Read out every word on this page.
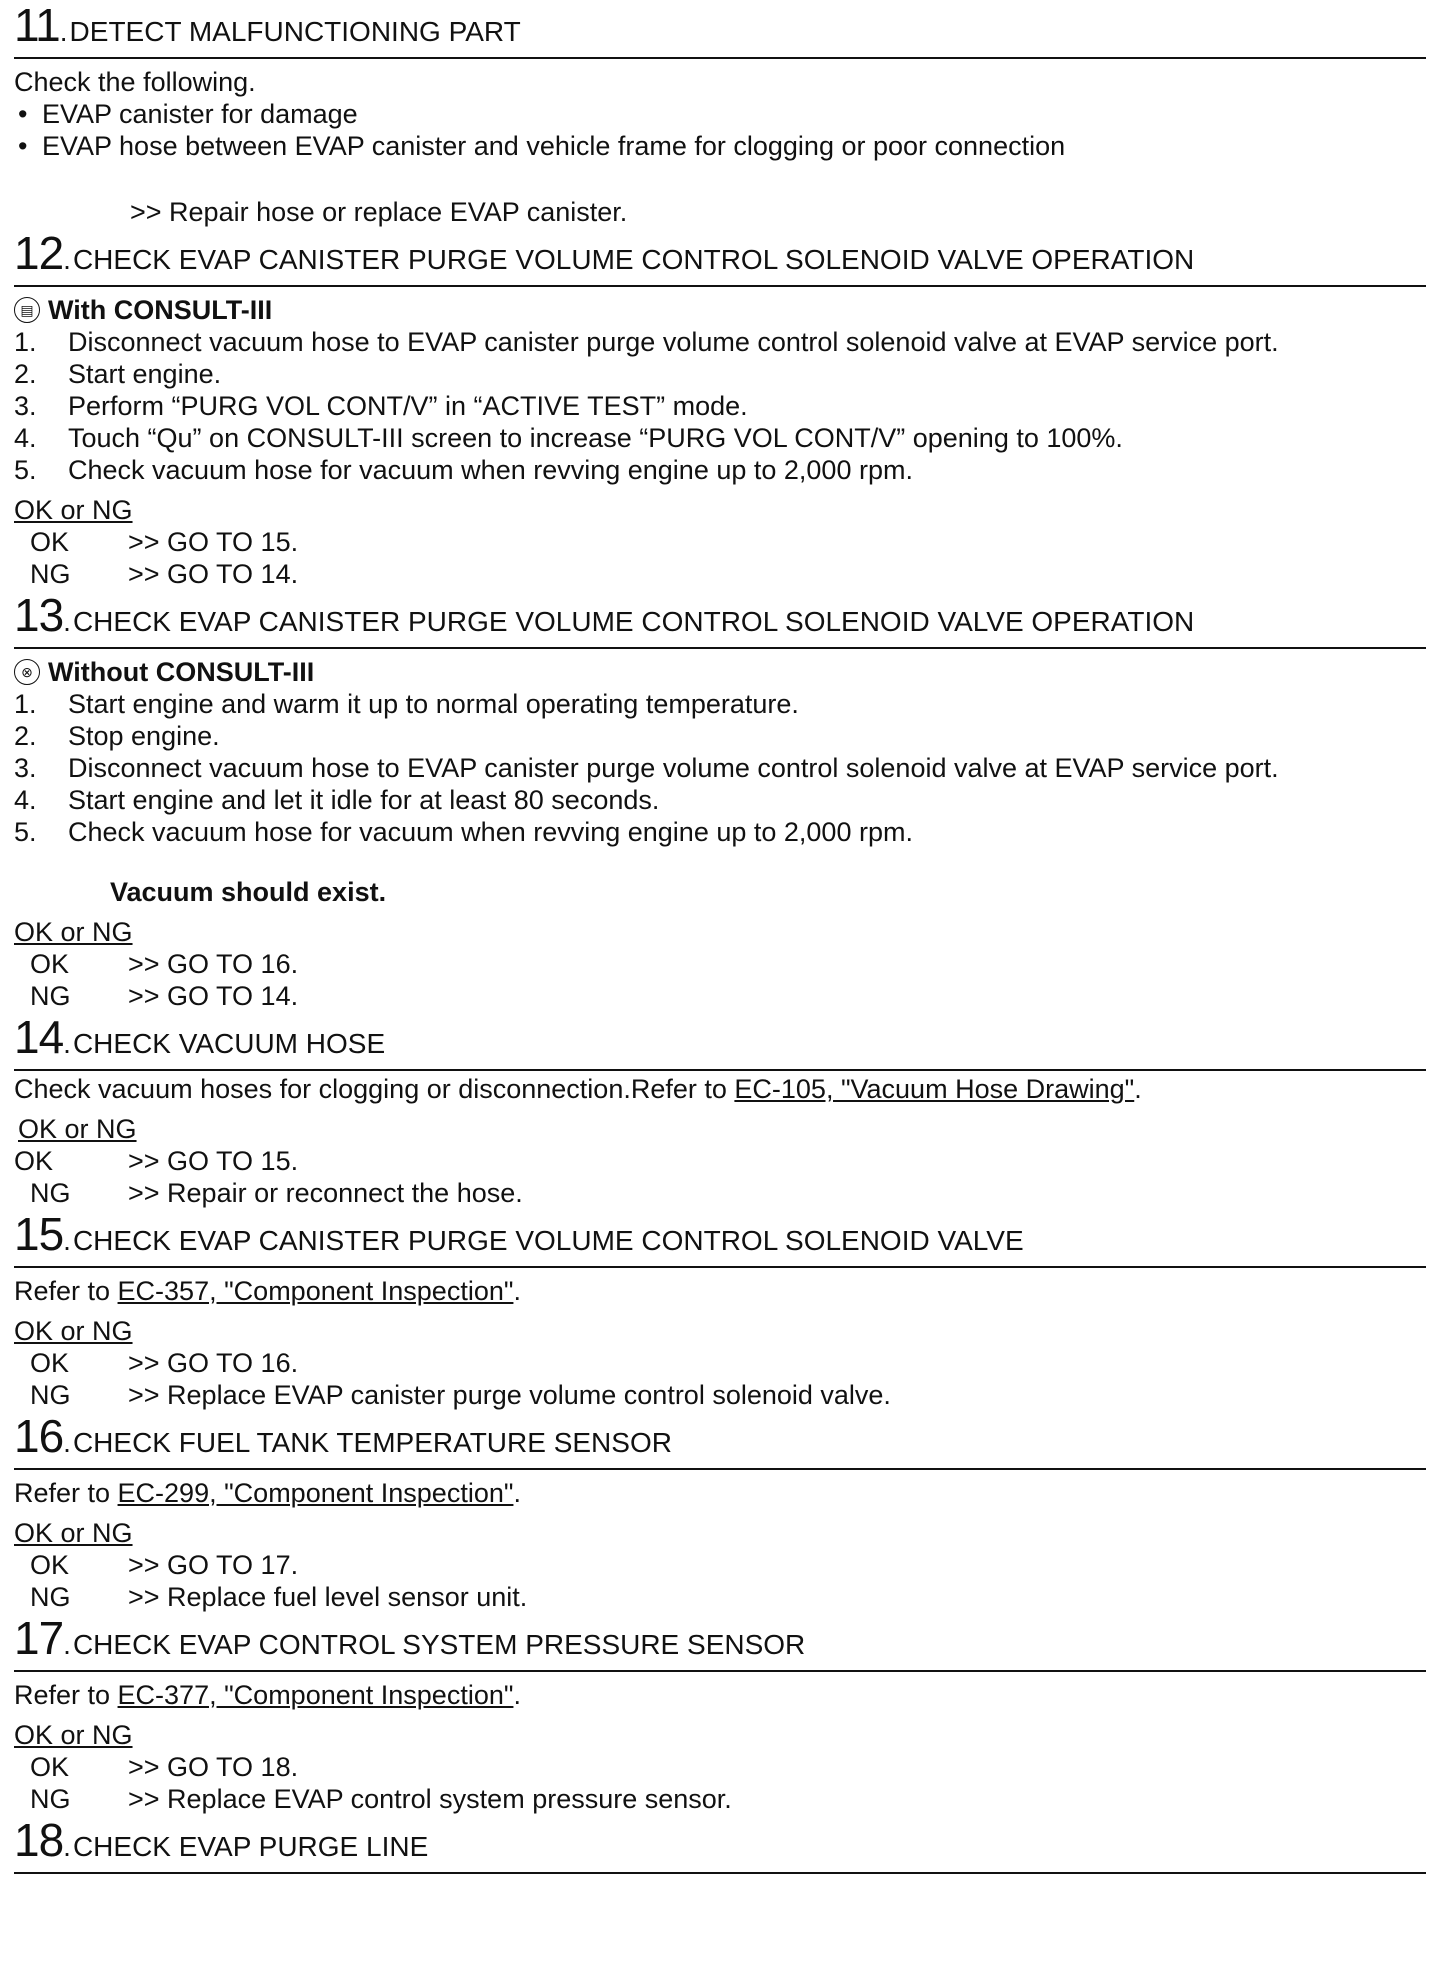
11 . DETECT MALFUNCTIONING PART
Check the following.
• EVAP canister for damage
• EVAP hose between EVAP canister and vehicle frame for clogging or poor connection
>> Repair hose or replace EVAP canister.
12 . CHECK EVAP CANISTER PURGE VOLUME CONTROL SOLENOID VALVE OPERATION
▤ With CONSULT-III
1.	Disconnect vacuum hose to EVAP canister purge volume control solenoid valve at EVAP service port.
2.	Start engine.
3.	Perform “PURG VOL CONT/V” in “ACTIVE TEST” mode.
4.	Touch “Qu” on CONSULT-III screen to increase “PURG VOL CONT/V” opening to 100%.
5.	Check vacuum hose for vacuum when revving engine up to 2,000 rpm.
OK or NG
OK	>> GO TO 15.
NG	>> GO TO 14.
13 . CHECK EVAP CANISTER PURGE VOLUME CONTROL SOLENOID VALVE OPERATION
⊗ Without CONSULT-III
1.	Start engine and warm it up to normal operating temperature.
2.	Stop engine.
3.	Disconnect vacuum hose to EVAP canister purge volume control solenoid valve at EVAP service port.
4.	Start engine and let it idle for at least 80 seconds.
5.	Check vacuum hose for vacuum when revving engine up to 2,000 rpm.
Vacuum should exist.
OK or NG
OK	>> GO TO 16.
NG	>> GO TO 14.
14 . CHECK VACUUM HOSE
Check vacuum hoses for clogging or disconnection.Refer to EC-105, "Vacuum Hose Drawing".
OK or NG
OK	>> GO TO 15.
NG	>> Repair or reconnect the hose.
15 . CHECK EVAP CANISTER PURGE VOLUME CONTROL SOLENOID VALVE
Refer to EC-357, "Component Inspection".
OK or NG
OK	>> GO TO 16.
NG	>> Replace EVAP canister purge volume control solenoid valve.
16 . CHECK FUEL TANK TEMPERATURE SENSOR
Refer to EC-299, "Component Inspection".
OK or NG
OK	>> GO TO 17.
NG	>> Replace fuel level sensor unit.
17 . CHECK EVAP CONTROL SYSTEM PRESSURE SENSOR
Refer to EC-377, "Component Inspection".
OK or NG
OK	>> GO TO 18.
NG	>> Replace EVAP control system pressure sensor.
18 . CHECK EVAP PURGE LINE
